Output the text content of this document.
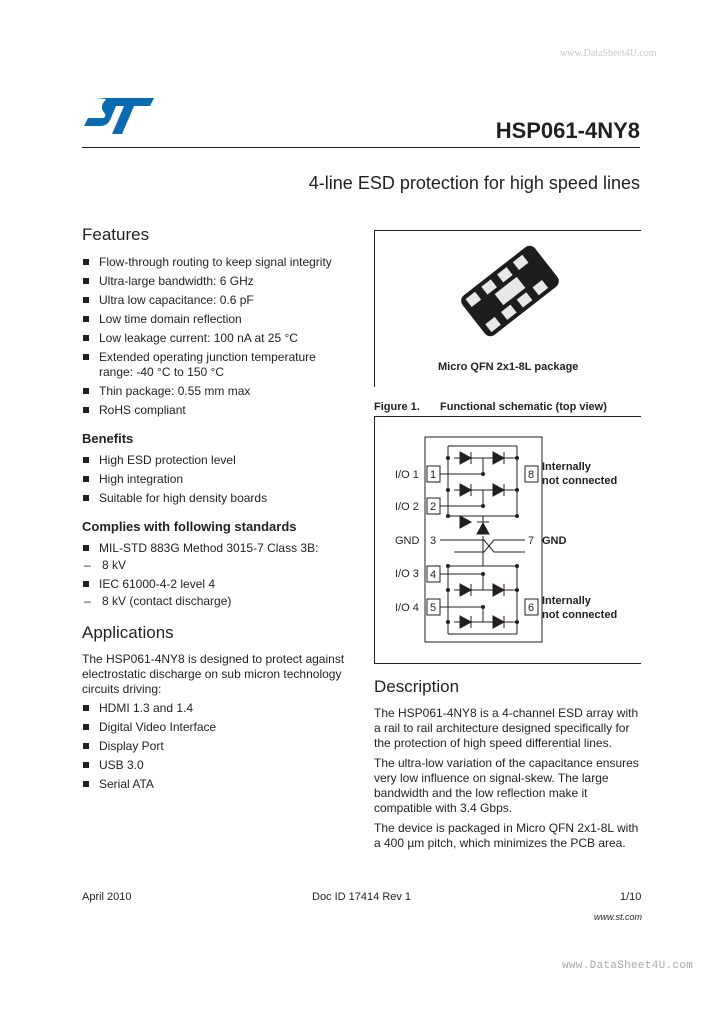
www.DataSheet4U.com
HSP061-4NY8
4-line ESD protection for high speed lines
Features
Flow-through routing to keep signal integrity
Ultra-large bandwidth: 6 GHz
Ultra low capacitance: 0.6 pF
Low time domain reflection
Low leakage current: 100 nA at 25 °C
Extended operating junction temperature range: -40 °C to 150 °C
Thin package: 0.55 mm max
RoHS compliant
Benefits
High ESD protection level
High integration
Suitable for high density boards
Complies with following standards
MIL-STD 883G Method 3015-7 Class 3B:
– 8 kV
IEC 61000-4-2 level 4
– 8 kV (contact discharge)
Applications
The HSP061-4NY8 is designed to protect against electrostatic discharge on sub micron technology circuits driving:
HDMI 1.3 and 1.4
Digital Video Interface
Display Port
USB 3.0
Serial ATA
Micro QFN 2x1-8L package
Figure 1. Functional schematic (top view)
I/O 1 1
I/O 2 2
GND 3
I/O 3 4
I/O 4 5
8
Internally
not connected
7 GND
6
Internally
not connected
Description
The HSP061-4NY8 is a 4-channel ESD array with a rail to rail architecture designed specifically for the protection of high speed differential lines.
The ultra-low variation of the capacitance ensures very low influence on signal-skew. The large bandwidth and the low reflection make it compatible with 3.4 Gbps.
The device is packaged in Micro QFN 2x1-8L with a 400 µm pitch, which minimizes the PCB area.
April 2010	Doc ID 17414 Rev 1	1/10
www.st.com
www.DataSheet4U.com
